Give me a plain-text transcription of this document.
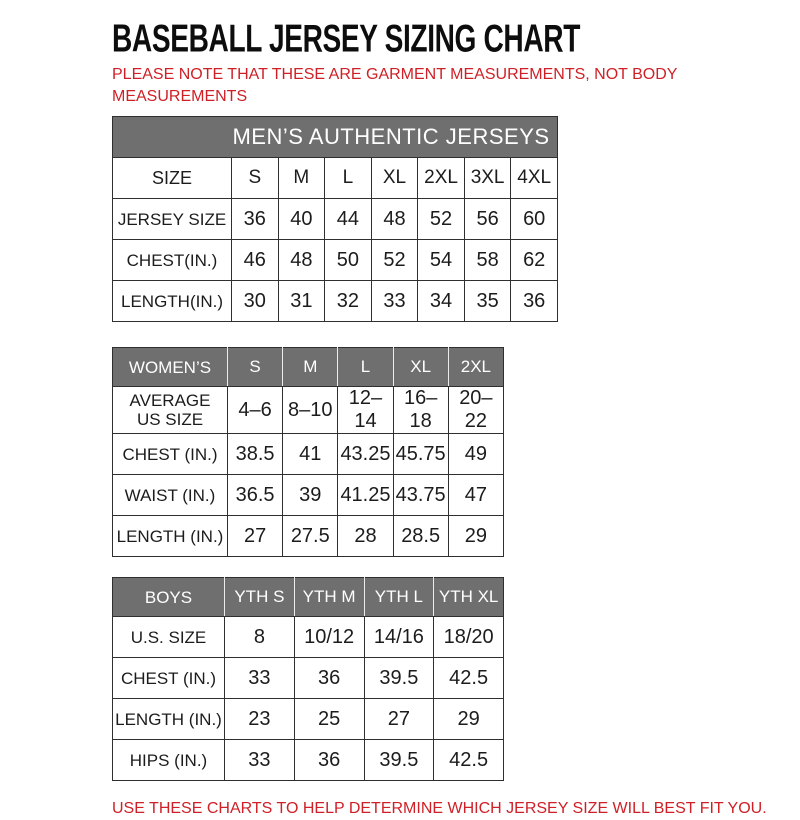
BASEBALL JERSEY SIZING CHART

PLEASE NOTE THAT THESE ARE GARMENT MEASUREMENTS, NOT BODY MEASUREMENTS

MEN’S AUTHENTIC JERSEYS							
SIZE	S	M	L	XL	2XL	3XL	4XL
JERSEY SIZE	36	40	44	48	52	56	60
CHEST(IN.)	46	48	50	52	54	58	62
LENGTH(IN.)	30	31	32	33	34	35	36
WOMEN’S	S	M	L	XL	2XL
AVERAGE
US SIZE	4–6	8–10	12–14	16–18	20–22
CHEST (IN.)	38.5	41	43.25	45.75	49
WAIST (IN.)	36.5	39	41.25	43.75	47
LENGTH (IN.)	27	27.5	28	28.5	29
BOYS	YTH S	YTH M	YTH L	YTH XL
U.S. SIZE	8	10/12	14/16	18/20
CHEST (IN.)	33	36	39.5	42.5
LENGTH (IN.)	23	25	27	29
HIPS (IN.)	33	36	39.5	42.5

USE THESE CHARTS TO HELP DETERMINE WHICH JERSEY SIZE WILL BEST FIT YOU.
